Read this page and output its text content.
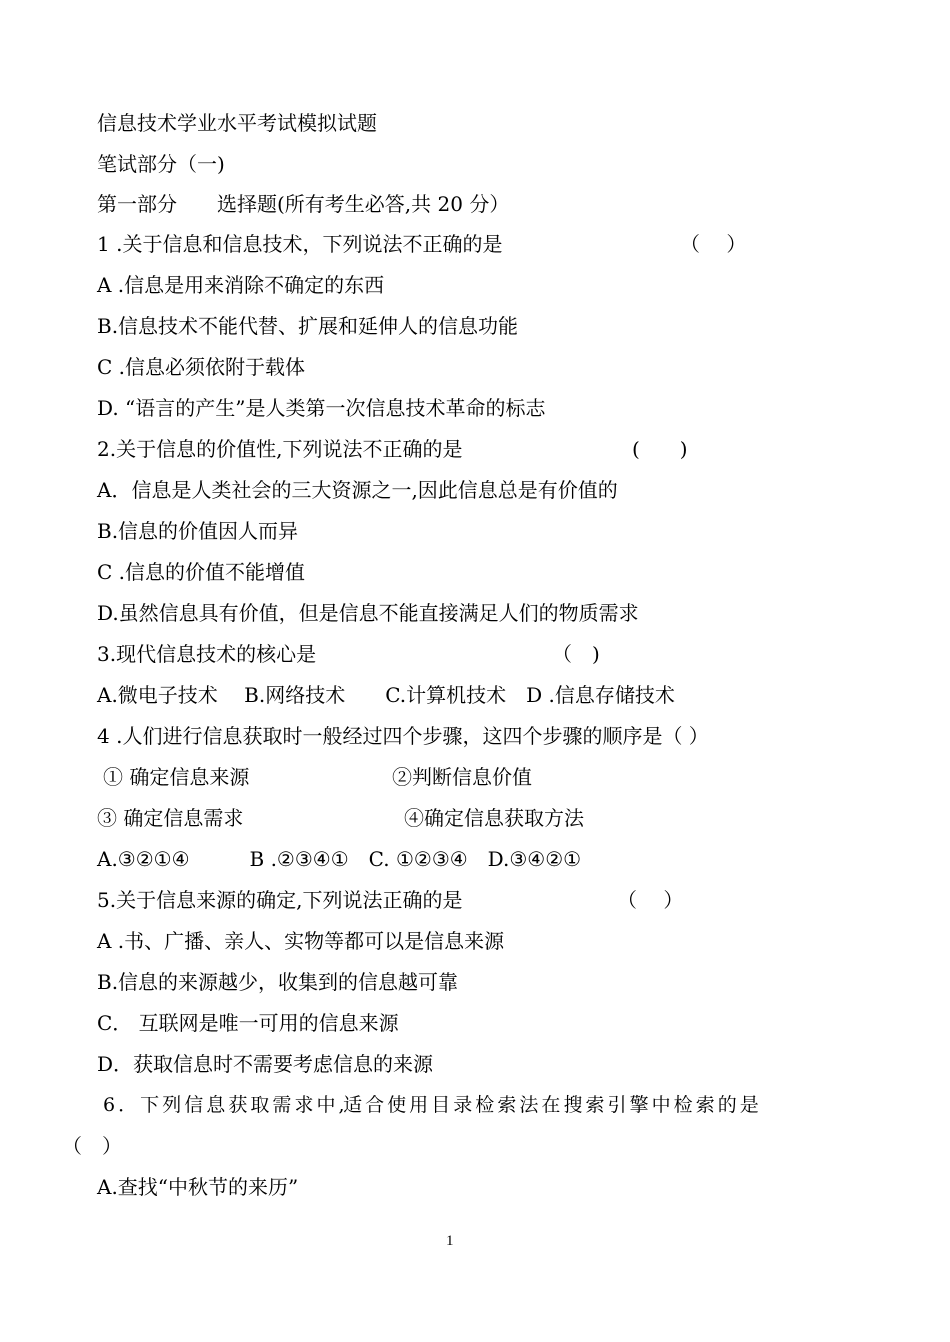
信息技术学业水平考试模拟试题
笔试部分（一)
第一部分　　选择题(所有考生必答,共 20 分）
1 .关于信息和信息技术，下列说法不正确的是	（　 ）
A .信息是用来消除不确定的东西
B.信息技术不能代替、扩展和延伸人的信息功能
C .信息必须依附于载体
D. “语言的产生”是人类第一次信息技术革命的标志
2.关于信息的价值性,下列说法不正确的是	(　　)
A．信息是人类社会的三大资源之一,因此信息总是有价值的
B.信息的价值因人而异
C .信息的价值不能增值
D.虽然信息具有价值，但是信息不能直接满足人们的物质需求
3.现代信息技术的核心是	（　)
A.微电子技术　 B.网络技术　　C.计算机技术　D .信息存储技术
4 .人们进行信息获取时一般经过四个步骤，这四个步骤的顺序是（ ）
① 确定信息来源	②判断信息价值
③ 确定信息需求	④确定信息获取方法
A.③②①④　　　B .②③④①　C. ①②③④　D.③④②①
5.关于信息来源的确定,下列说法正确的是	（　 ）
A .书、广播、亲人、实物等都可以是信息来源
B.信息的来源越少，收集到的信息越可靠
C． 互联网是唯一可用的信息来源
D．获取信息时不需要考虑信息的来源
6 ． 下 列 信 息 获 取 需 求 中 ,适 合 使 用 目 录 检 索 法 在 搜 索 引 擎 中 检 索 的 是
（　）
A.查找“中秋节的来历”
1
